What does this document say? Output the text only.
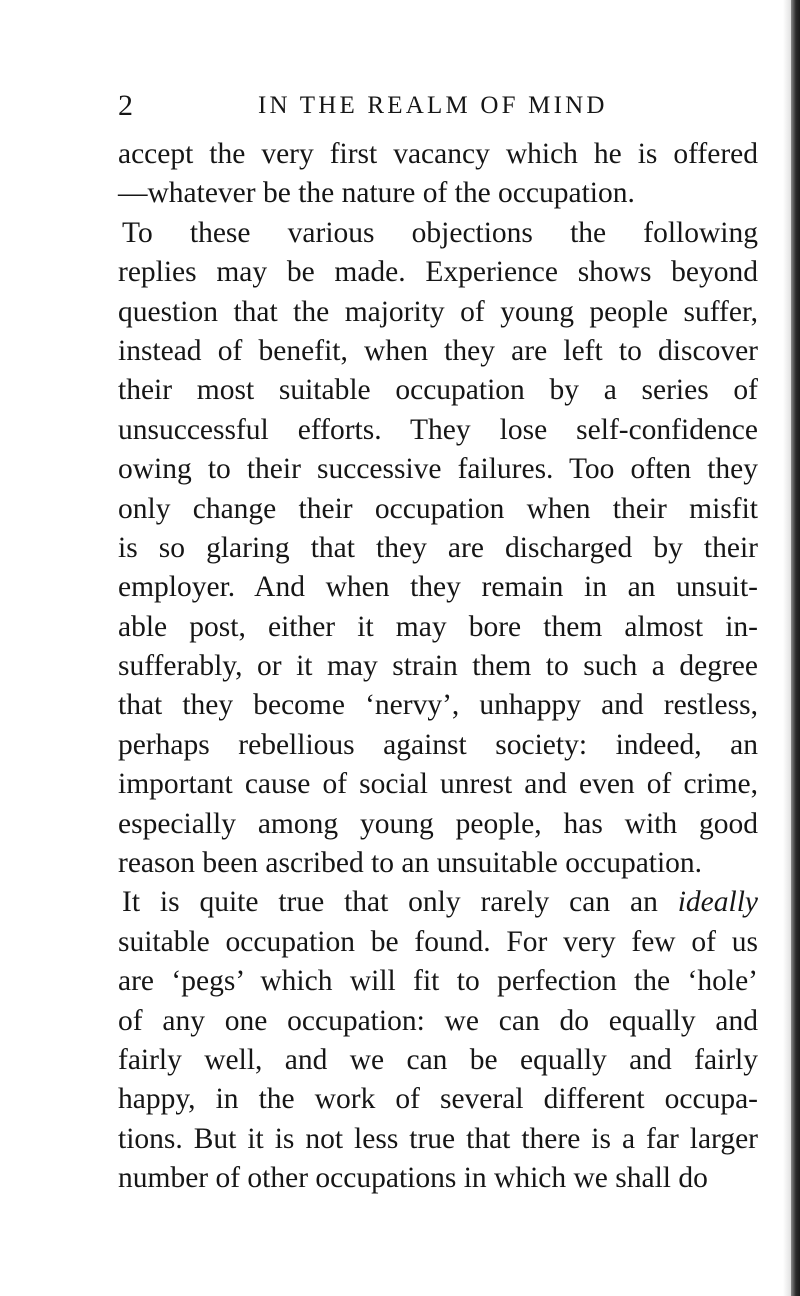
2	IN THE REALM OF MIND
accept the very first vacancy which he is offered
—whatever be the nature of the occupation.
To these various objections the following
replies may be made. Experience shows beyond
question that the majority of young people suffer,
instead of benefit, when they are left to discover
their most suitable occupation by a series of
unsuccessful efforts. They lose self-confidence
owing to their successive failures. Too often they
only change their occupation when their misfit
is so glaring that they are discharged by their
employer. And when they remain in an unsuit-
able post, either it may bore them almost in-
sufferably, or it may strain them to such a degree
that they become ‘nervy’, unhappy and restless,
perhaps rebellious against society: indeed, an
important cause of social unrest and even of crime,
especially among young people, has with good
reason been ascribed to an unsuitable occupation.
It is quite true that only rarely can an ideally
suitable occupation be found. For very few of us
are ‘pegs’ which will fit to perfection the ‘hole’
of any one occupation: we can do equally and
fairly well, and we can be equally and fairly
happy, in the work of several different occupa-
tions. But it is not less true that there is a far larger
number of other occupations in which we shall do
